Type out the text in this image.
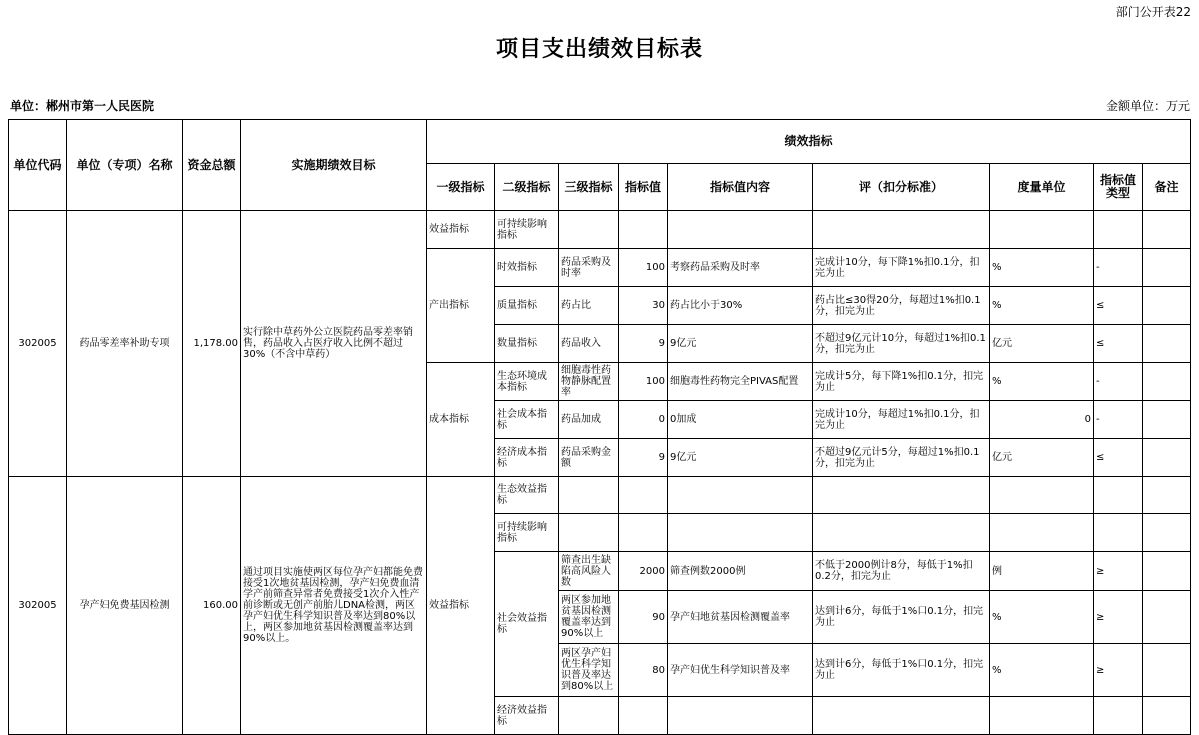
部门公开表22
项目支出绩效目标表
单位：郴州市第一人民医院	金额单位：万元
单位代码	单位（专项）名称	资金总额	实施期绩效目标	绩效指标								
				一级指标	二级指标	三级指标	指标值	指标值内容	评（扣分标准）	度量单位	指标值类型	备注
302005	药品零差率补助专项	1,178.00	实行除中草药外公立医院药品零差率销售，药品收入占医疗收入比例不超过30%（不含中草药）	效益指标	可持续影响指标							
				产出指标	时效指标	药品采购及时率	100	考察药品采购及时率	完成计10分，每下降1%扣0.1分，扣完为止	%	-	
					质量指标	药占比	30	药占比小于30%	药占比≤30得20分，每超过1%扣0.1分，扣完为止	%	≤	
					数量指标	药品收入	9	9亿元	不超过9亿元计10分，每超过1%扣0.1分，扣完为止	亿元	≤	
				成本指标	生态环境成本指标	细胞毒性药物静脉配置率	100	细胞毒性药物完全PIVAS配置	完成计5分，每下降1%扣0.1分，扣完为止	%	-	
					社会成本指标	药品加成	0	0加成	完成计10分，每超过1%扣0.1分，扣完为止	0	-	
					经济成本指标	药品采购金额	9	9亿元	不超过9亿元计5分，每超过1%扣0.1分，扣完为止	亿元	≤	
302005	孕产妇免费基因检测	160.00	通过项目实施使两区每位孕产妇都能免费接受1次地贫基因检测，孕产妇免费血清学产前筛查异常者免费接受1次介入性产前诊断或无创产前胎儿DNA检测，两区孕产妇优生科学知识普及率达到80%以上，两区参加地贫基因检测覆盖率达到90%以上。	效益指标	生态效益指标							
					可持续影响指标							
					社会效益指标	筛查出生缺陷高风险人数	2000	筛查例数2000例	不低于2000例计8分，每低于1%扣0.2分，扣完为止	例	≥	
						两区参加地贫基因检测覆盖率达到90%以上	90	孕产妇地贫基因检测覆盖率	达到计6分，每低于1%口0.1分，扣完为止	%	≥	
						两区孕产妇优生科学知识普及率达到80%以上	80	孕产妇优生科学知识普及率	达到计6分，每低于1%口0.1分，扣完为止	%	≥	
					经济效益指标							
